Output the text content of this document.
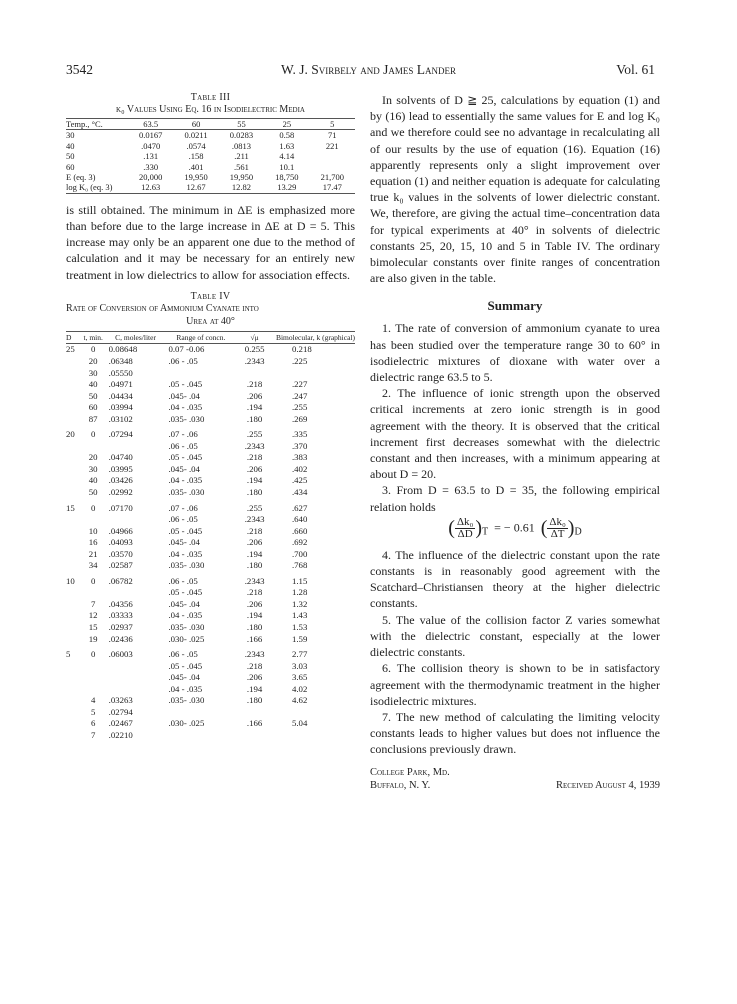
3542	W. J. Svirbely and James Lander	Vol. 61
Table III
k₀ Values Using Eq. 16 in Isodielectric Media
Temp., °C.	63.5	60	55	25	5
30	0.0167	0.0211	0.0283	0.58	71
40	.0470	.0574	.0813	1.63	221
50	.131	.158	.211	4.14	
60	.330	.401	.561	10.1	
E (eq. 3)	20,000	19,950	19,950	18,750	21,700
log K₀ (eq. 3)	12.63	12.67	12.82	13.29	17.47

is still obtained. The minimum in ΔE is emphasized more than before due to the large increase in ΔE at D = 5. This increase may only be an apparent one due to the method of calculation and it may be necessary for an entirely new treatment in low dielectrics to allow for association effects.

Table IV
Rate of Conversion of Ammonium Cyanate into
Urea at 40°
D	t, min.	C, moles/liter	Range of concn.	√μ	Bimolecular, k (graphical)
25	0	0.08648	0.07 -0.06	0.255	0.218
	20	.06348	.06 - .05	.2343	.225
	30	.05550			
	40	.04971	.05 - .045	.218	.227
	50	.04434	.045- .04	.206	.247
	60	.03994	.04 - .035	.194	.255
	87	.03102	.035- .030	.180	.269
20	0	.07294	.07 - .06	.255	.335
			.06 - .05	.2343	.370
	20	.04740	.05 - .045	.218	.383
	30	.03995	.045- .04	.206	.402
	40	.03426	.04 - .035	.194	.425
	50	.02992	.035- .030	.180	.434
15	0	.07170	.07 - .06	.255	.627
			.06 - .05	.2343	.640
	10	.04966	.05 - .045	.218	.660
	16	.04093	.045- .04	.206	.692
	21	.03570	.04 - .035	.194	.700
	34	.02587	.035- .030	.180	.768
10	0	.06782	.06 - .05	.2343	1.15
			.05 - .045	.218	1.28
	7	.04356	.045- .04	.206	1.32
	12	.03333	.04 - .035	.194	1.43
	15	.02937	.035- .030	.180	1.53
	19	.02436	.030- .025	.166	1.59
5	0	.06003	.06 - .05	.2343	2.77
			.05 - .045	.218	3.03
			.045- .04	.206	3.65
			.04 - .035	.194	4.02
	4	.03263	.035- .030	.180	4.62
	5	.02794			
	6	.02467	.030- .025	.166	5.04
	7	.02210			

In solvents of D ≧ 25, calculations by equation (1) and by (16) lead to essentially the same values for E and log K₀ and we therefore could see no advantage in recalculating all of our results by the use of equation (16). Equation (16) apparently represents only a slight improvement over equation (1) and neither equation is adequate for calculating true k₀ values in the solvents of lower dielectric constant. We, therefore, are giving the actual time–concentration data for typical experiments at 40° in solvents of dielectric constants 25, 20, 15, 10 and 5 in Table IV. The ordinary bimolecular constants over finite ranges of concentration are also given in the table.

Summary

1. The rate of conversion of ammonium cyanate to urea has been studied over the temperature range 30 to 60° in isodielectric mixtures of dioxane with water over a dielectric range 63.5 to 5.

2. The influence of ionic strength upon the observed critical increments at zero ionic strength is in good agreement with the theory. It is observed that the critical increment first decreases somewhat with the dielectric constant and then increases, with a minimum appearing at about D = 20.

3. From D = 63.5 to D = 35, the following empirical relation holds

( $\frac{\text{Δk₀}}{\Delta D} )_T$ = − 0.61 ( $\frac{\text{Δk₀}}{\Delta T} )_D$

4. The influence of the dielectric constant upon the rate constants is in reasonably good agreement with the Scatchard–Christiansen theory at the higher dielectric constants.

5. The value of the collision factor Z varies somewhat with the dielectric constant, especially at the lower dielectric constants.

6. The collision theory is shown to be in satisfactory agreement with the thermodynamic treatment in the higher isodielectric mixtures.

7. The new method of calculating the limiting velocity constants leads to higher values but does not influence the conclusions previously drawn.

College Park, Md.
Buffalo, N. Y.	Received August 4, 1939
